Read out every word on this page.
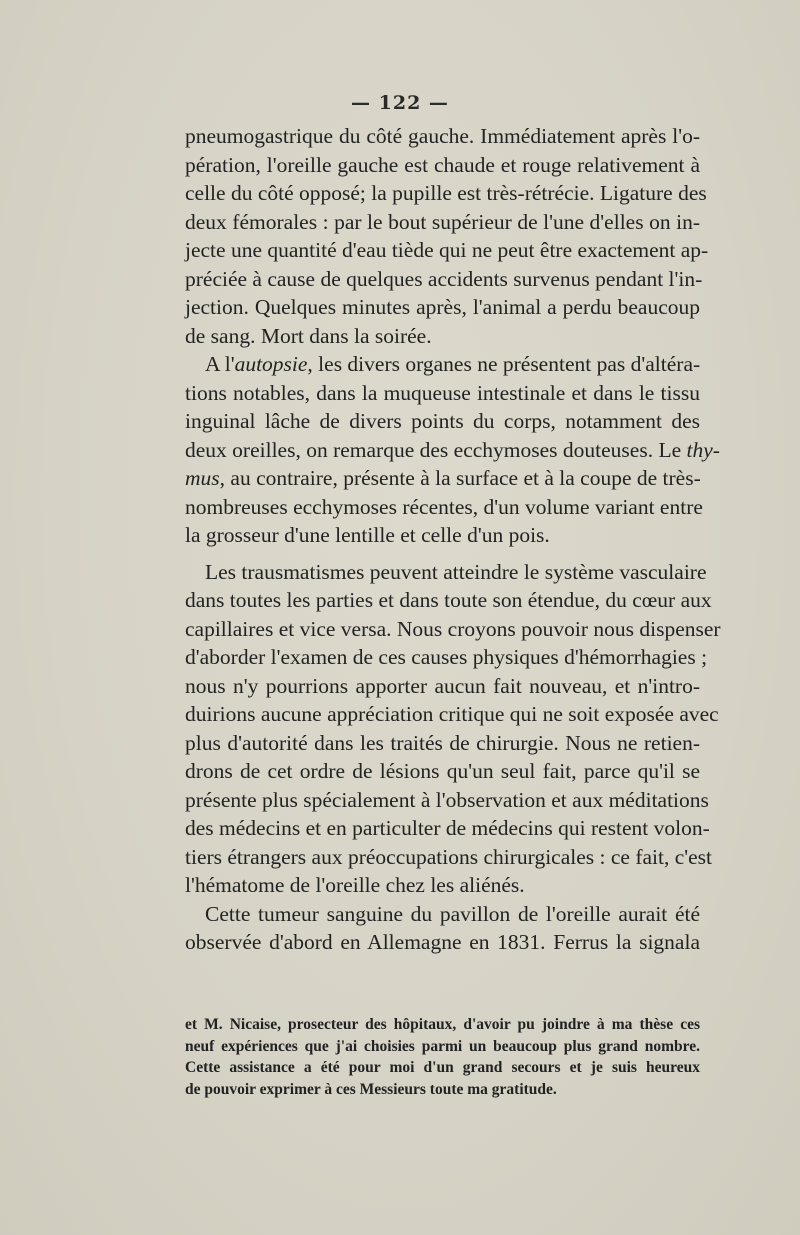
— 122 —
pneumogastrique du côté gauche. Immédiatement après l'o-
pération, l'oreille gauche est chaude et rouge relativement à
celle du côté opposé; la pupille est très-rétrécie. Ligature des
deux fémorales : par le bout supérieur de l'une d'elles on in-
jecte une quantité d'eau tiède qui ne peut être exactement ap-
préciée à cause de quelques accidents survenus pendant l'in-
jection. Quelques minutes après, l'animal a perdu beaucoup
de sang. Mort dans la soirée.
A l'autopsie, les divers organes ne présentent pas d'altéra-
tions notables, dans la muqueuse intestinale et dans le tissu
inguinal lâche de divers points du corps, notamment des
deux oreilles, on remarque des ecchymoses douteuses. Le thy-
mus, au contraire, présente à la surface et à la coupe de très-
nombreuses ecchymoses récentes, d'un volume variant entre
la grosseur d'une lentille et celle d'un pois.
Les trausmatismes peuvent atteindre le système vasculaire
dans toutes les parties et dans toute son étendue, du cœur aux
capillaires et vice versa. Nous croyons pouvoir nous dispenser
d'aborder l'examen de ces causes physiques d'hémorrhagies ;
nous n'y pourrions apporter aucun fait nouveau, et n'intro-
duirions aucune appréciation critique qui ne soit exposée avec
plus d'autorité dans les traités de chirurgie. Nous ne retien-
drons de cet ordre de lésions qu'un seul fait, parce qu'il se
présente plus spécialement à l'observation et aux méditations
des médecins et en particulter de médecins qui restent volon-
tiers étrangers aux préoccupations chirurgicales : ce fait, c'est
l'hématome de l'oreille chez les aliénés.
Cette tumeur sanguine du pavillon de l'oreille aurait été
observée d'abord en Allemagne en 1831. Ferrus la signala
et M. Nicaise, prosecteur des hôpitaux, d'avoir pu joindre à ma thèse ces
neuf expériences que j'ai choisies parmi un beaucoup plus grand nombre.
Cette assistance a été pour moi d'un grand secours et je suis heureux
de pouvoir exprimer à ces Messieurs toute ma gratitude.
